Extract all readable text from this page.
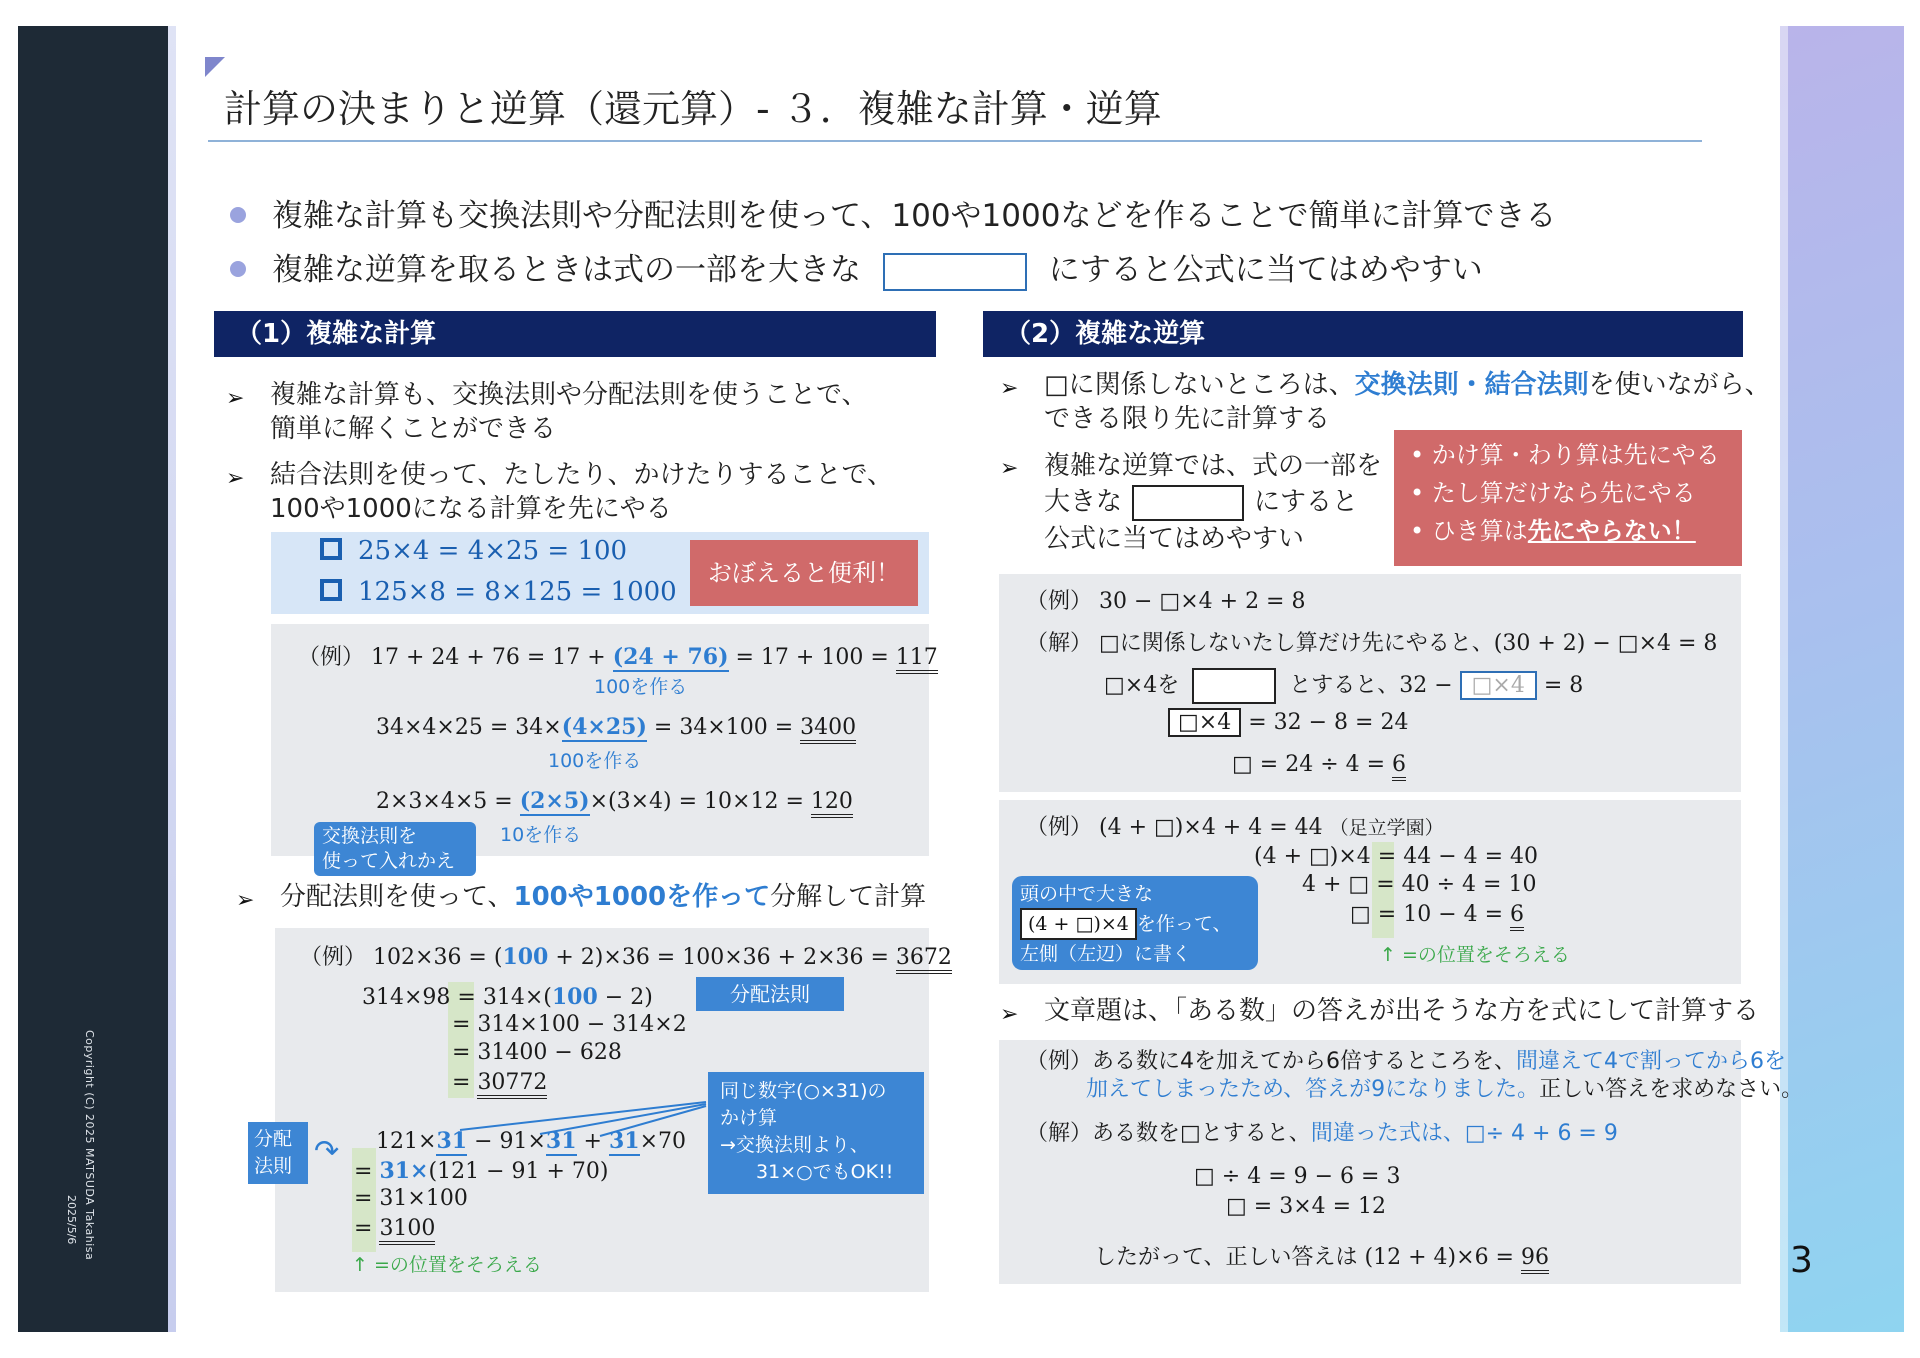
Copyright (C) 2025 MATSUDA Takahisa
2025/5/6
3
計算の決まりと逆算（還元算）- ３．複雑な計算・逆算
複雑な計算も交換法則や分配法則を使って、100や1000などを作ることで簡単に計算できる
複雑な逆算を取るときは式の一部を大きな	にすると公式に当てはめやすい
（1）複雑な計算
➢ 複雑な計算も、交換法則や分配法則を使うことで、
簡単に解くことができる
➢ 結合法則を使って、たしたり、かけたりすることで、
100や1000になる計算を先にやる
25×4 = 4×25 = 100
125×8 = 8×125 = 1000
おぼえると便利！
（例） 17 + 24 + 76 = 17 + (24 + 76) = 17 + 100 = 117
100を作る
34×4×25 = 34×(4×25) = 34×100 = 3400
100を作る
2×3×4×5 = (2×5)×(3×4) = 10×12 = 120
10を作る
交換法則を
使って入れかえ
➢ 分配法則を使って、100や1000を作って分解して計算
（例） 102×36 = (100 + 2)×36 = 100×36 + 2×36 = 3672
314×98 = 314×(100 − 2)	分配法則
= 314×100 − 314×2
= 31400 − 628
= 30772	同じ数字(○×31)の
かけ算
→交換法則より、
31×○でもOK!!
分配
法則 ↷ 121×31 − 91×31 + 31×70
= 31×(121 − 91 + 70)
= 31×100
= 3100
↑ =の位置をそろえる
（2）複雑な逆算
➢ □に関係しないところは、交換法則・結合法則を使いながら、
できる限り先に計算する
➢ 複雑な逆算では、式の一部を
大きな	にすると
公式に当てはめやすい
• かけ算・わり算は先にやる
• たし算だけなら先にやる
• ひき算は先にやらない！
（例） 30 − □×4 + 2 = 8
（解） □に関係しないたし算だけ先にやると、(30 + 2) − □×4 = 8
□×4を	とすると、32 − □×4 = 8
□×4 = 32 − 8 = 24
□ = 24 ÷ 4 = 6
（例） (4 + □)×4 + 4 = 44 （足立学園）
(4 + □)×4 = 44 − 4 = 40
4 + □ = 40 ÷ 4 = 10
□ = 10 − 4 = 6
↑ =の位置をそろえる
頭の中で大きな
(4 + □)×4 を作って、
左側（左辺）に書く
➢ 文章題は、「ある数」の答えが出そうな方を式にして計算する
（例）ある数に4を加えてから6倍するところを、間違えて4で割ってから6を
加えてしまったため、答えが9になりました。正しい答えを求めなさい。
（解）ある数を□とすると、間違った式は、□÷ 4 + 6 = 9
□ ÷ 4 = 9 − 6 = 3
□ = 3×4 = 12
したがって、正しい答えは (12 + 4)×6 = 96
